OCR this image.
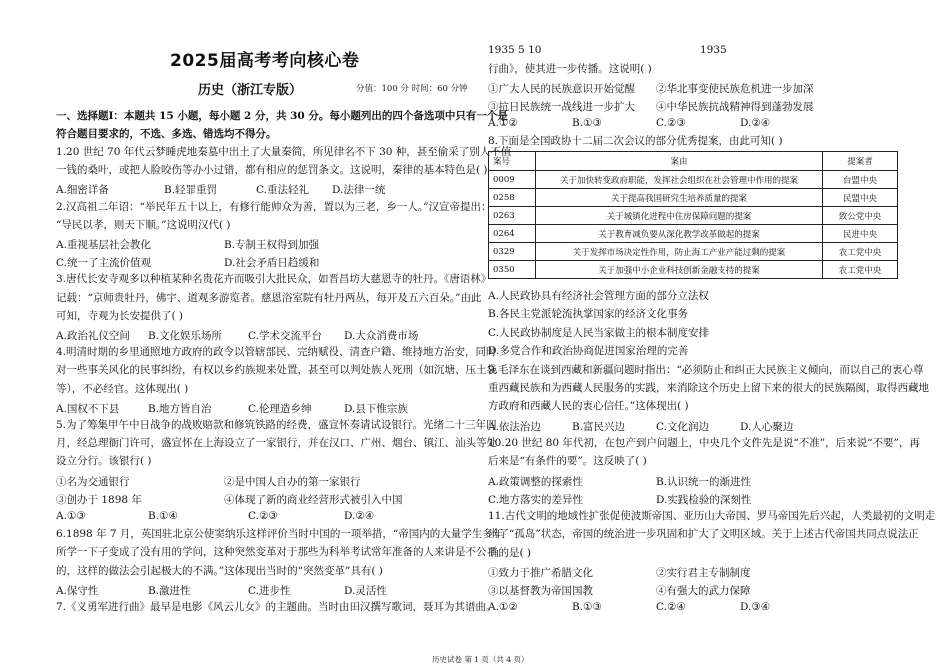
2025届高考考向核心卷
历史（浙江专版）	分值：100 分 时间：60 分钟
一、选择题Ⅰ：本题共 15 小题，每小题 2 分，共 30 分。每小题列出的四个备选项中只有一个是
符合题目要求的，不选、多选、错选均不得分。
1.20 世纪 70 年代云梦睡虎地秦墓中出土了大量秦简，所见律名不下 30 种，甚至偷采了别人不值
一钱的桑叶，或把人脸咬伤等办小过错，都有相应的惩罚条文。这说明，秦律的基本特色是( )
A.细密详备	B.轻罪重罚	C.重法轻礼 D.法律一统
2.汉高祖二年诏：“举民年五十以上，有修行能帅众为善，置以为三老，乡一人。”汉宣帝提出：
“导民以孝，则天下顺。”这说明汉代( )
A.重视基层社会教化	B.专制王权得到加强
C.统一了主流价值观	D.社会矛盾日趋缓和
3.唐代长安寺观多以种植某种名贵花卉而吸引大批民众，如晋昌坊大慈恩寺的牡丹。《唐语林》
记载：“京师贵牡丹，佛宇、道观多游览者。慈恩浴室院有牡丹两丛，每开及五六百朵。”由此
可知，寺观为长安提供了( )
A.政治礼仪空间 B.文化娱乐场所 C.学术交流平台 D.大众消费市场
4.明清时期的乡里通照地方政府的政令以管辖部民、完纳赋役、清查户籍、维持地方治安，同时
对一些事关风化的民事纠纷，有权以乡约族规来处置，甚至可以判处族人死刑（如沉塘、压土袋
等），不必经官。这体现出( )
A.国权不下县	B.地方皆自治	C.伦理造乡绅	D.县下惟宗族
5.为了筹集甲午中日战争的战败赔款和修筑铁路的经费，盛宣怀奏请试设银行。光绪二十三年四
月，经总理衙门许可，盛宣怀在上海设立了一家银行，并在汉口、广州、烟台、镇江、汕头等处
设立分行。该银行( )
①名为交通银行	②是中国人自办的第一家银行
③创办于 1898 年	④体现了新的商业经营形式被引入中国
A.①③	B.①④	C.②③	D.②④
6.1898 年 7 月，英国驻北京公使窦纳乐这样评价当时中国的一项举措，“帝国内的大量学生多年
所学一下子变成了没有用的学问，这种突然变革对于那些为科举考试常年准备的人来讲是不公平
的，这样的做法会引起极大的不满。”这体现出当时的“突然变革”具有( )
A.保守性	B.激进性	C.进步性	D.灵活性
7.《义勇军进行曲》最早是电影《风云儿女》的主题曲。当时由田汉撰写歌词，聂耳为其谱曲。
1935 5 10	1935
行曲》，使其进一步传播。这说明( )
①广大人民的民族意识开始觉醒 ②华北事变使民族危机进一步加深
③抗日民族统一战线进一步扩大 ④中华民族抗战精神得到蓬勃发展
A.①②	B.①③	C.②③	D.②④
8.下面是全国政协十二届二次会议的部分优秀提案，由此可知( )
案号	案由	提案者
0009	关于加快转变政府职能，发挥社会组织在社会管理中作用的提案	台盟中央
0258	关于提高我国研究生培养质量的提案	民盟中央
0263	关于城镇化进程中住房保障问题的提案	致公党中央
0264	关于教育减负要从深化教学改革做起的提案	民进中央
0329	关于发挥市场决定性作用，防止海工产业产能过剩的提案	农工党中央
0350	关于加强中小企业科技创新金融支持的提案	农工党中央
A.人民政协具有经济社会管理方面的部分立法权
B.各民主党派轮流执掌国家的经济文化事务
C.人民政协制度是人民当家做主的根本制度安排
D.多党合作和政治协商促进国家治理的完善
9.毛泽东在谈到西藏和新疆问题时指出：“必须防止和纠正大民族主义倾向，而以自己的衷心尊
重西藏民族和为西藏人民服务的实践，来消除这个历史上留下来的很大的民族隔阂，取得西藏地
方政府和西藏人民的衷心信任。”这体现出( )
A.依法治边	B.富民兴边	C.文化润边	D.人心聚边
10.20 世纪 80 年代初，在包产到户问题上，中央几个文件先是说“不准”，后来说“不要”，再
后来是“有条件的要”。这反映了( )
A.政策调整的探索性	B.认识统一的渐进性
C.地方落实的差异性	D.实践检验的深刻性
11.古代文明的地域性扩张促使波斯帝国、亚历山大帝国、罗马帝国先后兴起，人类最初的文明走
出了“孤岛”状态，帝国的统治进一步巩固和扩大了文明区域。关于上述古代帝国共同点说法正
确的是( )
①致力于推广希腊文化	②实行君主专制制度
③以基督教为帝国国教	④有强大的武力保障
A.①②	B.①③	C.②④	D.③④
历史试卷 第 1 页（共 4 页）
